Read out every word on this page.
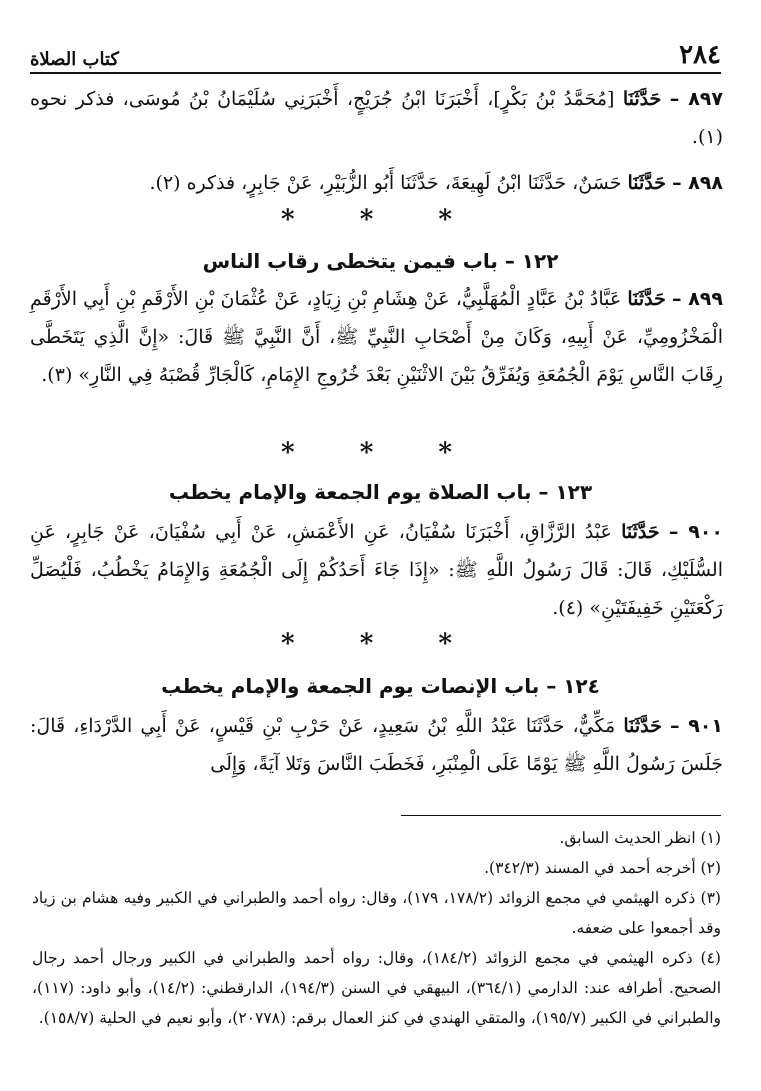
٢٨٤
كتاب الصلاة
٨٩٧ – حَدَّثَنَا [مُحَمَّدُ بْنُ بَكْرٍ]، أَخْبَرَنَا ابْنُ جُرَيْجٍ، أَخْبَرَنِي سُلَيْمَانُ بْنُ مُوسَى، فذكر نحوه (١).
٨٩٨ – حَدَّثَنَا حَسَنٌ، حَدَّثَنَا ابْنُ لَهِيعَةَ، حَدَّثَنَا أَبُو الزُّبَيْرِ، عَنْ جَابِرٍ، فذكره (٢).
* * *
١٢٢ – باب فيمن يتخطى رقاب الناس
٨٩٩ – حَدَّثَنَا عَبَّادُ بْنُ عَبَّادٍ الْمُهَلَّبِيُّ، عَنْ هِشَامِ بْنِ زِيَادٍ، عَنْ عُثْمَانَ بْنِ الأَرْقَمِ بْنِ أَبِي الأَرْقَمِ الْمَخْزُومِيِّ، عَنْ أَبِيهِ، وَكَانَ مِنْ أَصْحَابِ النَّبِيِّ ﷺ، أَنَّ النَّبِيَّ ﷺ قَالَ: «إِنَّ الَّذِي يَتَخَطَّى رِقَابَ النَّاسِ يَوْمَ الْجُمُعَةِ وَيُفَرِّقُ بَيْنَ الاثْنَيْنِ بَعْدَ خُرُوجِ الإِمَامِ، كَالْجَارِّ قُصْبَهُ فِي النَّارِ» (٣).
* * *
١٢٣ – باب الصلاة يوم الجمعة والإمام يخطب
٩٠٠ – حَدَّثَنَا عَبْدُ الرَّزَّاقِ، أَخْبَرَنَا سُفْيَانُ، عَنِ الأَعْمَشِ، عَنْ أَبِي سُفْيَانَ، عَنْ جَابِرٍ، عَنِ السُّلَيْكِ، قَالَ: قَالَ رَسُولُ اللَّهِ ﷺ: «إِذَا جَاءَ أَحَدُكُمْ إِلَى الْجُمُعَةِ وَالإِمَامُ يَخْطُبُ، فَلْيُصَلِّ رَكْعَتَيْنِ خَفِيفَتَيْنِ» (٤).
* * *
١٢٤ – باب الإنصات يوم الجمعة والإمام يخطب
٩٠١ – حَدَّثَنَا مَكِّيٌّ، حَدَّثَنَا عَبْدُ اللَّهِ بْنُ سَعِيدٍ، عَنْ حَرْبِ بْنِ قَيْسٍ، عَنْ أَبِي الدَّرْدَاءِ، قَالَ: جَلَسَ رَسُولُ اللَّهِ ﷺ يَوْمًا عَلَى الْمِنْبَرِ، فَخَطَبَ النَّاسَ وَتَلا آيَةً، وَإِلَى

(١) انظر الحديث السابق.

(٢) أخرجه أحمد في المسند (٣٤٢/٣).

(٣) ذكره الهيثمي في مجمع الزوائد (١٧٨/٢، ١٧٩)، وقال: رواه أحمد والطبراني في الكبير وفيه هشام بن زياد وقد أجمعوا على ضعفه.

(٤) ذكره الهيثمي في مجمع الزوائد (١٨٤/٢)، وقال: رواه أحمد والطبراني في الكبير ورجال أحمد رجال الصحيح. أطرافه عند: الدارمي (٣٦٤/١)، البيهقي في السنن (١٩٤/٣)، الدارقطني: (١٤/٢)، وأبو داود: (١١٧)، والطبراني في الكبير (١٩٥/٧)، والمتقي الهندي في كنز العمال برقم: (٢٠٧٧٨)، وأبو نعيم في الحلية (١٥٨/٧).
